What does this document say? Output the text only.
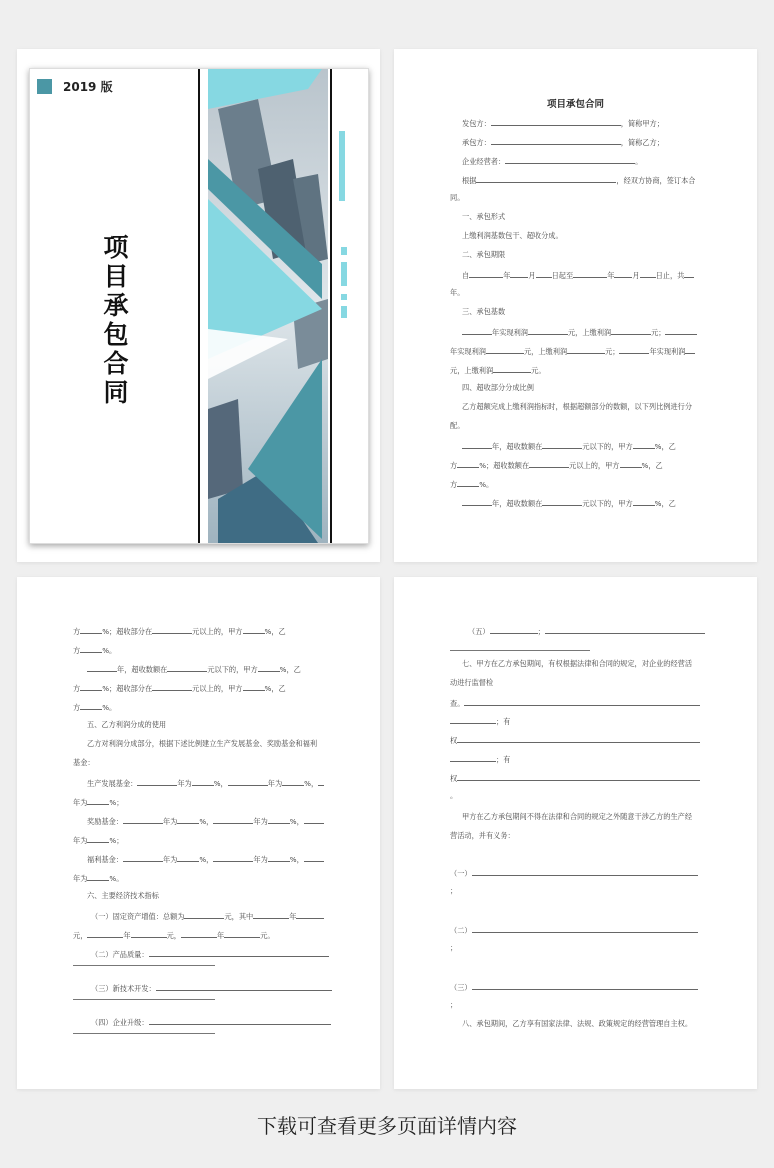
2019 版
项目承包合同
项目承包合同
发包方：	，简称甲方；
承包方：	，简称乙方；
企业经营者：	。
根据	，经双方协商，签订本合
同。
一、承包形式
上缴利润基数包干、超收分成。
二、承包期限
自	年	月 日起至	年	月 日止，共
年。
三、承包基数
年实现利润	元，上缴利润	元；
年实现利润	元，上缴利润	元；	年实现利润
元，上缴利润	元。
四、超收部分分成比例
乙方超额完成上缴利润指标时，根据超额部分的数额，以下列比例进行分
配。
年，超收数额在	元以下的，甲方	%，乙
方	%；超收数额在	元以上的，甲方	%，乙
方	%。
年，超收数额在	元以下的，甲方	%，乙
方	%；超收部分在	元以上的，甲方	%，乙
方	%。
年，超收数额在	元以下的，甲方	%，乙
方	%；超收部分在	元以上的，甲方	%，乙
方	%。
五、乙方利润分成的使用
乙方对利润分成部分，根据下述比例建立生产发展基金、奖励基金和福利
基金：
生产发展基金：	年为	%，	年为	%，
年为	%；
奖励基金：	年为	%，	年为	%，
年为	%；
福利基金：	年为	%，	年为	%，
年为	%。
六、主要经济技术指标
（一）固定资产增值：总额为	元，其中	年
元，	年	元，	年	元。
（二）产品质量：
（三）新技术开发：
（四）企业升级：
（五）	；
七、甲方在乙方承包期间，有权根据法律和合同的规定，对企业的经营活
动进行监督检
查。
；有
权
；有
权
。
甲方在乙方承包期间不得在法律和合同的规定之外随意干涉乙方的生产经
营活动，并有义务：
（一）
；
（二）
；
（三）
；
八、承包期间，乙方享有国家法律、法规、政策规定的经营管理自主权。
下载可查看更多页面详情内容
